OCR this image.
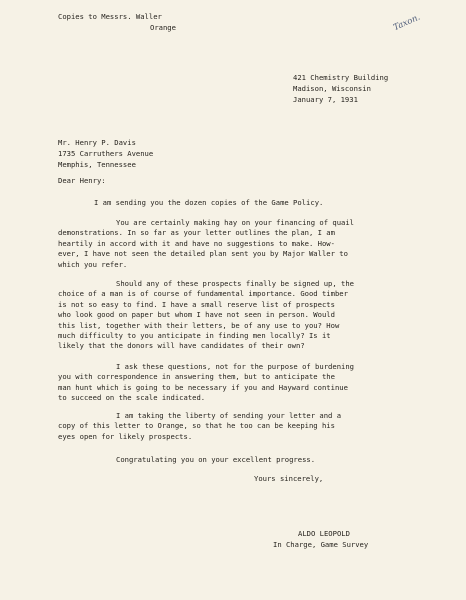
Copies to Messrs. Waller
Orange	Taxon.
421 Chemistry Building
Madison, Wisconsin
January 7, 1931
Mr. Henry P. Davis
1735 Carruthers Avenue
Memphis, Tennessee
Dear Henry:
I am sending you the dozen copies of the Game Policy.
You are certainly making hay on your financing of quail
demonstrations. In so far as your letter outlines the plan, I am
heartily in accord with it and have no suggestions to make. How-
ever, I have not seen the detailed plan sent you by Major Waller to
which you refer.
Should any of these prospects finally be signed up, the
choice of a man is of course of fundamental importance. Good timber
is not so easy to find. I have a small reserve list of prospects
who look good on paper but whom I have not seen in person. Would
this list, together with their letters, be of any use to you? How
much difficulty to you anticipate in finding men locally? Is it
likely that the donors will have candidates of their own?
I ask these questions, not for the purpose of burdening
you with correspondence in answering them, but to anticipate the
man hunt which is going to be necessary if you and Hayward continue
to succeed on the scale indicated.
I am taking the liberty of sending your letter and a
copy of this letter to Orange, so that he too can be keeping his
eyes open for likely prospects.
Congratulating you on your excellent progress.
Yours sincerely,
ALDO LEOPOLD
In Charge, Game Survey
